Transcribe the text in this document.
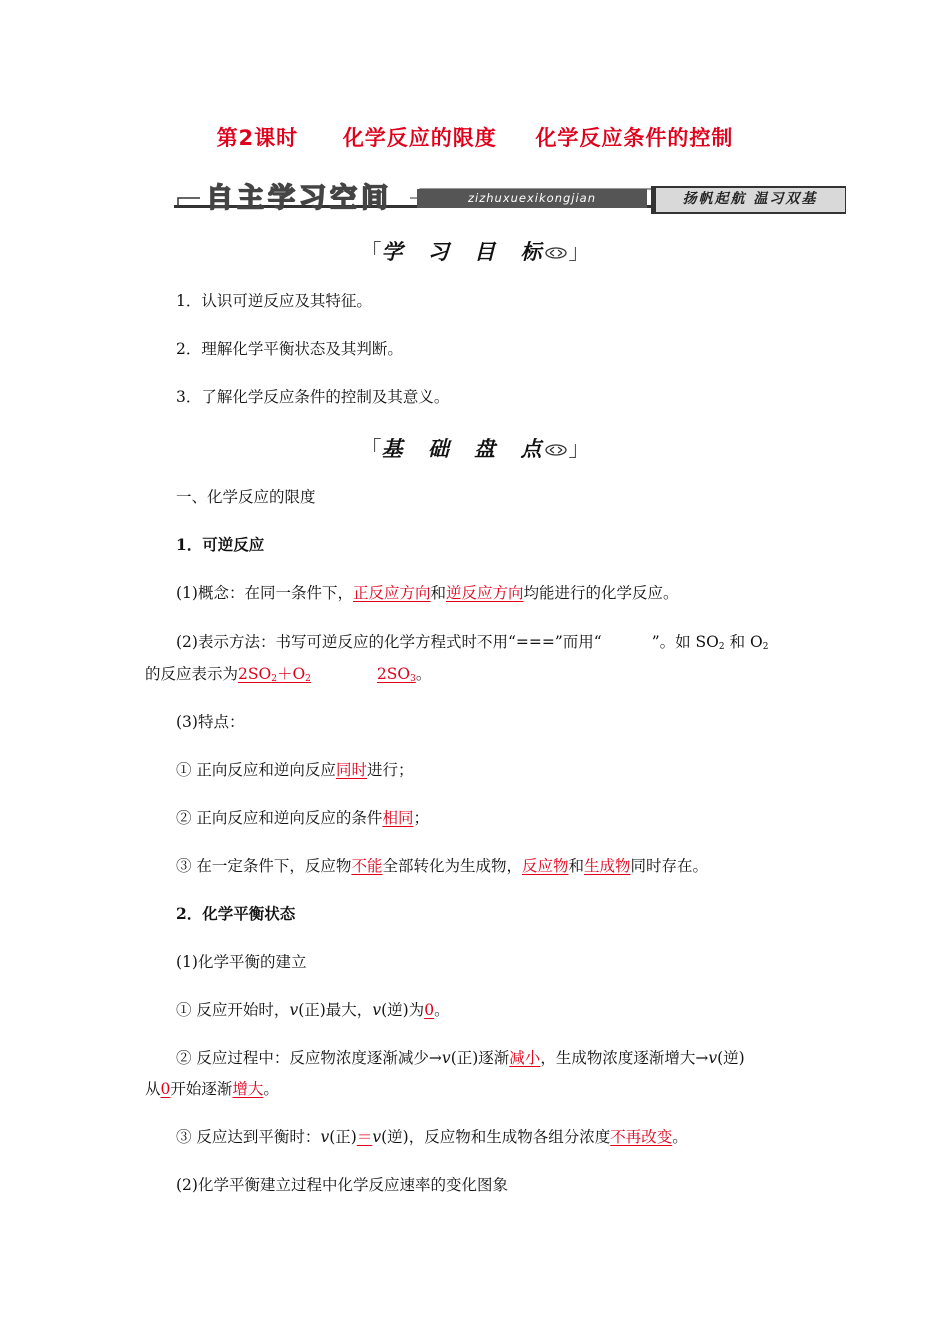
第2课时 化学反应的限度 化学反应条件的控制
自主学习空间	zizhuxuexikongjian	扬帆起航 温习双基
「学 习 目 标 」
1．认识可逆反应及其特征。
2．理解化学平衡状态及其判断。
3．了解化学反应条件的控制及其意义。
「基 础 盘 点 」
一、化学反应的限度
1．可逆反应
(1)概念：在同一条件下，正反应方向和逆反应方向均能进行的化学反应。
(2)表示方法：书写可逆反应的化学方程式时不用“===”而用“	”。如 $SO_2$ 和 $O_2$
的反应表示为$2SO_2+O_2$	$2SO_3$。
(3)特点：
① 正向反应和逆向反应同时进行；
② 正向反应和逆向反应的条件相同；
③ 在一定条件下，反应物不能全部转化为生成物，反应物和生成物同时存在。
2．化学平衡状态
(1)化学平衡的建立
① 反应开始时，v(正)最大，v(逆)为0。
② 反应过程中：反应物浓度逐渐减少→v(正)逐渐减小，生成物浓度逐渐增大→v(逆)
从0开始逐渐增大。
③ 反应达到平衡时：v(正)＝v(逆)，反应物和生成物各组分浓度不再改变。
(2)化学平衡建立过程中化学反应速率的变化图象
